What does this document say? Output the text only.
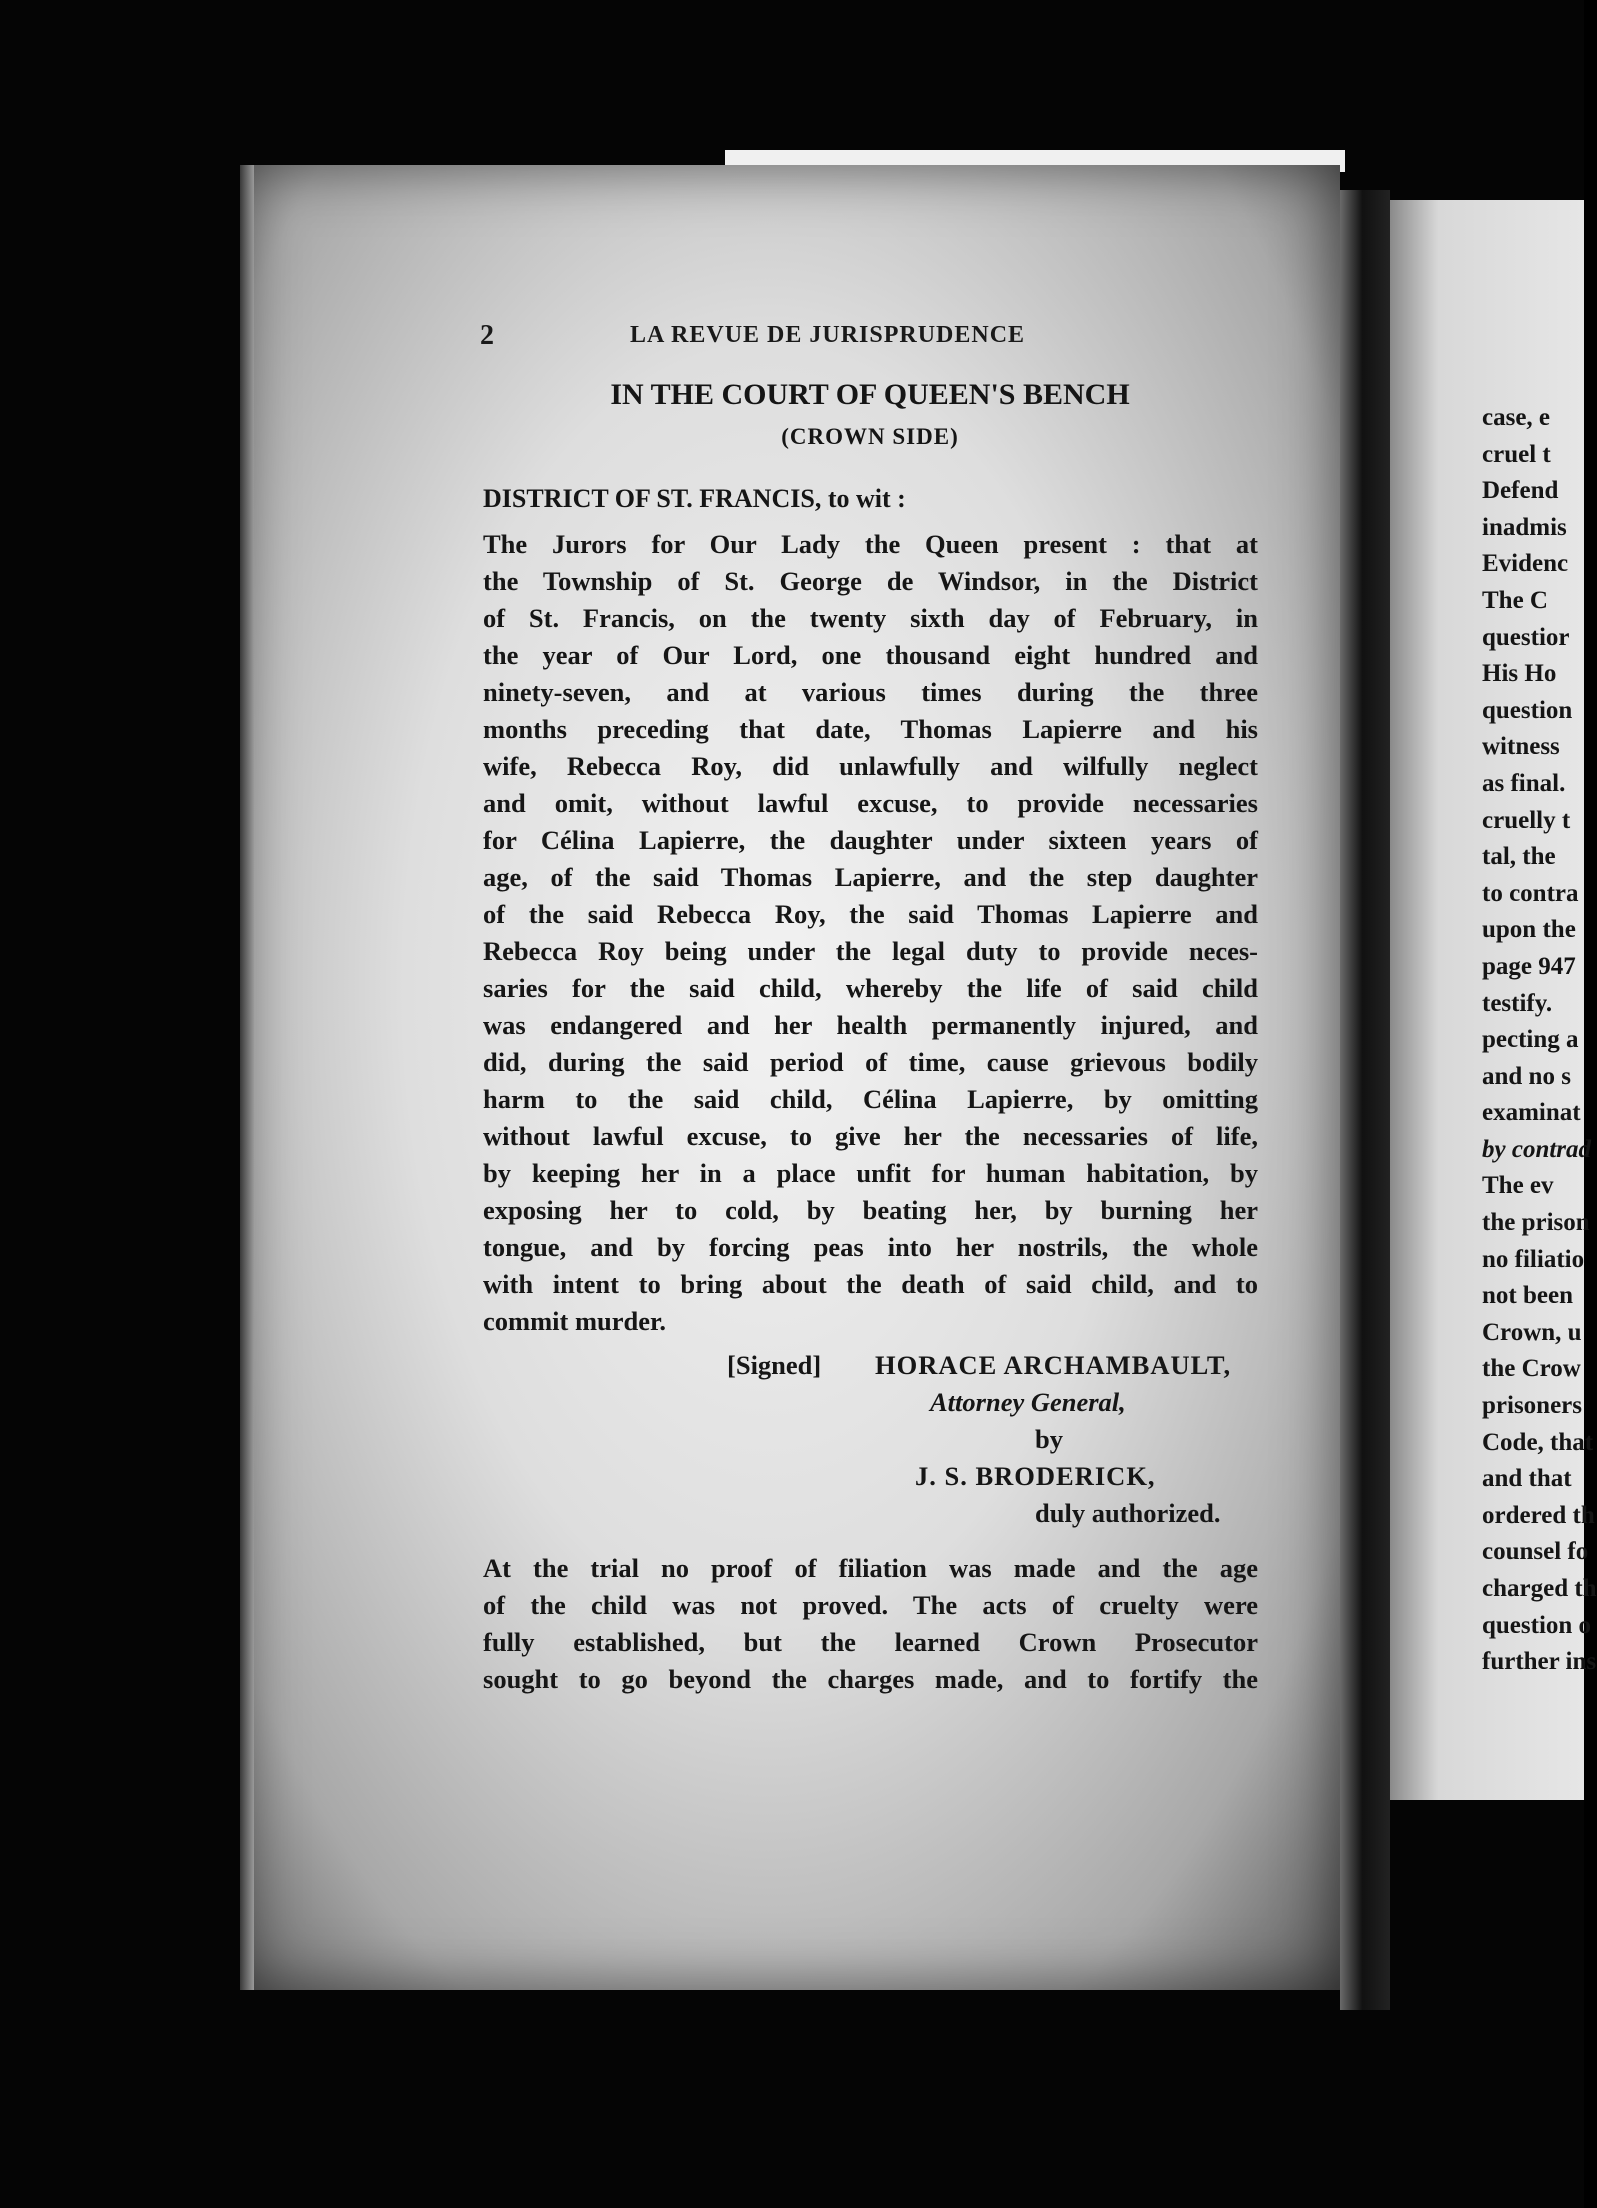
2	LA REVUE DE JURISPRUDENCE
IN THE COURT OF QUEEN'S BENCH
(CROWN SIDE)
DISTRICT OF ST. FRANCIS, to wit :
The Jurors for Our Lady the Queen present : that at
the Township of St. George de Windsor, in the District
of St. Francis, on the twenty sixth day of February, in
the year of Our Lord, one thousand eight hundred and
ninety-seven, and at various times during the three
months preceding that date, Thomas Lapierre and his
wife, Rebecca Roy, did unlawfully and wilfully neglect
and omit, without lawful excuse, to provide necessaries
for Célina Lapierre, the daughter under sixteen years of
age, of the said Thomas Lapierre, and the step daughter
of the said Rebecca Roy, the said Thomas Lapierre and
Rebecca Roy being under the legal duty to provide neces-
saries for the said child, whereby the life of said child
was endangered and her health permanently injured, and
did, during the said period of time, cause grievous bodily
harm to the said child, Célina Lapierre, by omitting
without lawful excuse, to give her the necessaries of life,
by keeping her in a place unfit for human habitation, by
exposing her to cold, by beating her, by burning her
tongue, and by forcing peas into her nostrils, the whole
with intent to bring about the death of said child, and to
commit murder.
[Signed] HORACE ARCHAMBAULT,
Attorney General,
by
J. S. BRODERICK,
duly authorized.
At the trial no proof of filiation was made and the age
of the child was not proved. The acts of cruelty were
fully established, but the learned Crown Prosecutor
sought to go beyond the charges made, and to fortify the
case, e
cruel t
Defend
inadmis
Evidenc
The C
questior
His Ho
question
witness
as final.
cruelly t
tal, the
to contra
upon the
page 947
testify.
pecting a
and no s
examinat
by contrad
The ev
the prison
no filiatio
not been
Crown, u
the Crow
prisoners
Code, that
and that
ordered th
counsel fo
charged th
question o
further ins
